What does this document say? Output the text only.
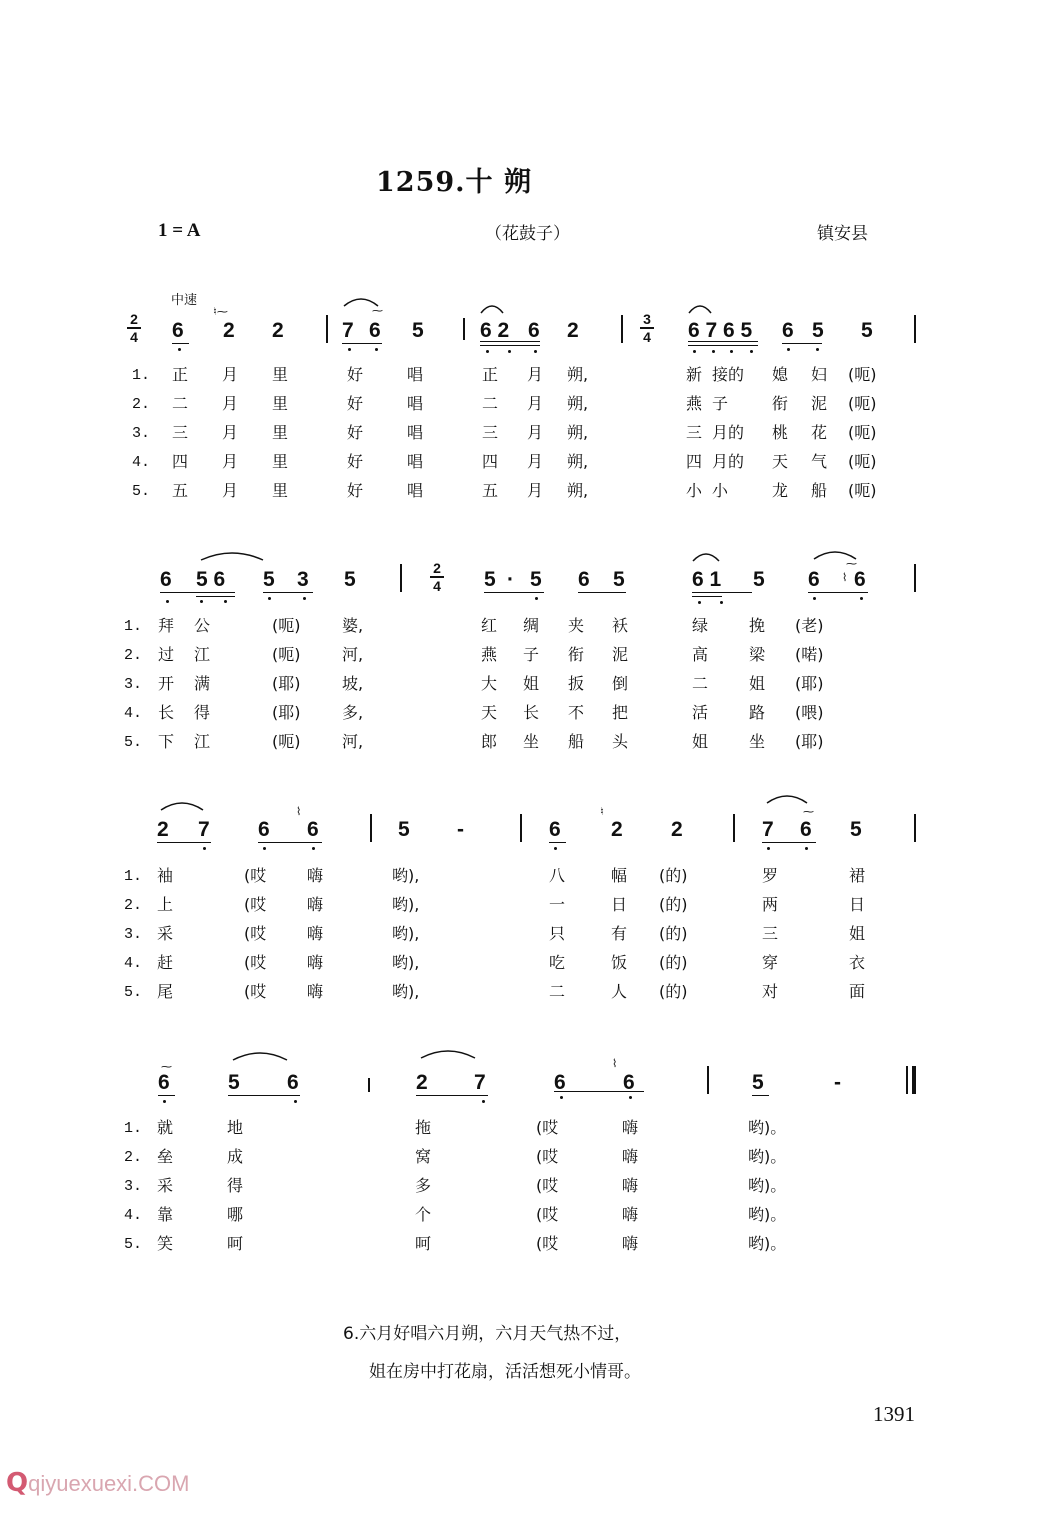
1259.十 朔
1 = A	（花鼓子）	镇安县
中速
2
4 6 2 2	7 6 5	6 2 6 2	6 7 6 5 6 5 5
♮⁓	⁓
3
4
1. 正 月 里	好	唱	正 月 朔,	新 接的 媳 妇 (呃)
2. 二 月 里	好	唱	二 月 朔,	燕 子	衔 泥 (呃)
3. 三 月 里	好	唱	三 月 朔,	三 月的 桃 花 (呃)
4. 四 月 里	好	唱	四 月 朔,	四 月的 天 气 (呃)
5. 五 月 里	好	唱	五 月 朔,	小 小	龙 船 (呃)
6 5 6 5 3 5	5 · 5 6 5	6 1 5 6 6
2
4
⁓
⌇
1. 拜 公	(呃)	婆,	红 绸 夹 袄	绿	挽 (老)
2. 过 江	(呃)	河,	燕 子 衔 泥	高	梁 (喏)
3. 开 满	(耶)	坡,	大 姐 扳 倒	二	姐 (耶)
4. 长 得	(耶)	多,	天 长 不 把	活	路 (喂)
5. 下 江	(呃)	河,	郎 坐 船 头	姐	坐 (耶)
2 7 6 6	5 -	6 2 2	7 6 5
⁓
⌇	♮
1. 袖	(哎	嗨	哟),	八	幅 (的)	罗	裙
2. 上	(哎	嗨	哟),	一	日 (的)	两	日
3. 采	(哎	嗨	哟),	只	有 (的)	三	姐
4. 赶	(哎	嗨	哟),	吃	饭 (的)	穿	衣
5. 尾	(哎	嗨	哟),	二	人 (的)	对	面
6	5 6	2 7	6	6	5	-
⁓	⌇
1. 就	地	拖	(哎	嗨	哟)。
2. 垒	成	窝	(哎	嗨	哟)。
3. 采	得	多	(哎	嗨	哟)。
4. 靠	哪	个	(哎	嗨	哟)。
5. 笑	呵	呵	(哎	嗨	哟)。
6.六月好唱六月朔，六月天气热不过，
姐在房中打花扇，活活想死小情哥。
1391
Qqiyuexuexi.COM
